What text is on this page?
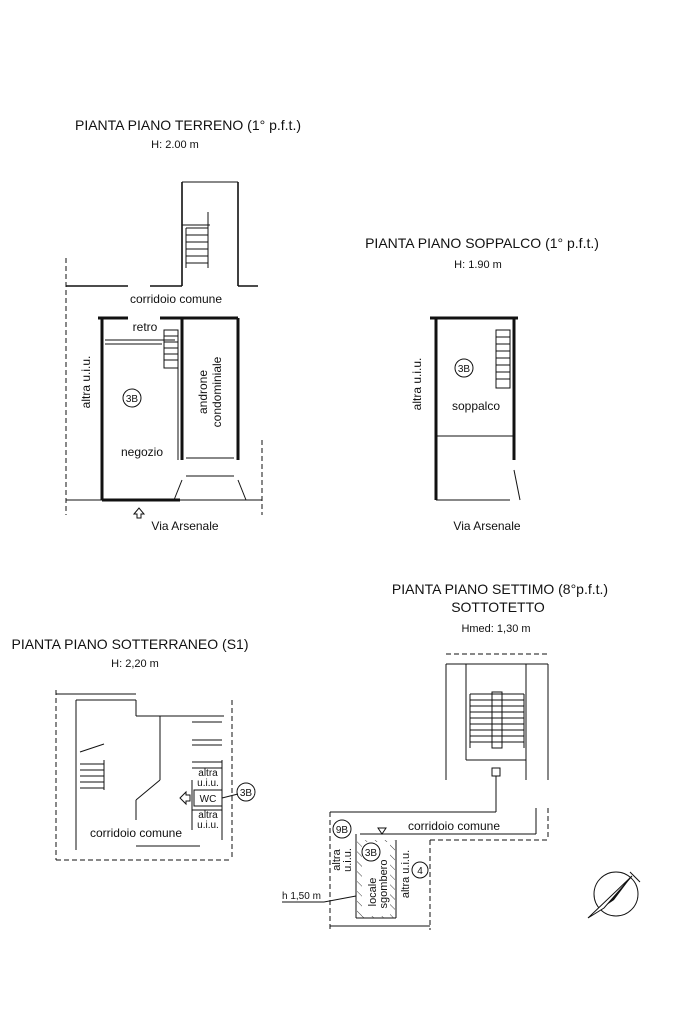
PIANTA PIANO TERRENO (1° p.f.t.)
H: 2.00 m
corridoio comune
retro
altra u.i.u.	3B
negozio
androne condominiale
Via Arsenale
PIANTA PIANO SOPPALCO (1° p.f.t.)
H: 1.90 m
altra u.i.u.	3B
soppalco
Via Arsenale
PIANTA PIANO SOTTERRANEO (S1)
H: 2,20 m
altra
u.i.u.
WC
3B
altra
u.i.u.
corridoio comune
PIANTA PIANO SETTIMO (8°p.f.t.)
SOTTOTETTO
Hmed: 1,30 m
corridoio comune
9B
altra u.i.u. 3B
locale sgombero altra u.i.u. 4
h 1,50 m
